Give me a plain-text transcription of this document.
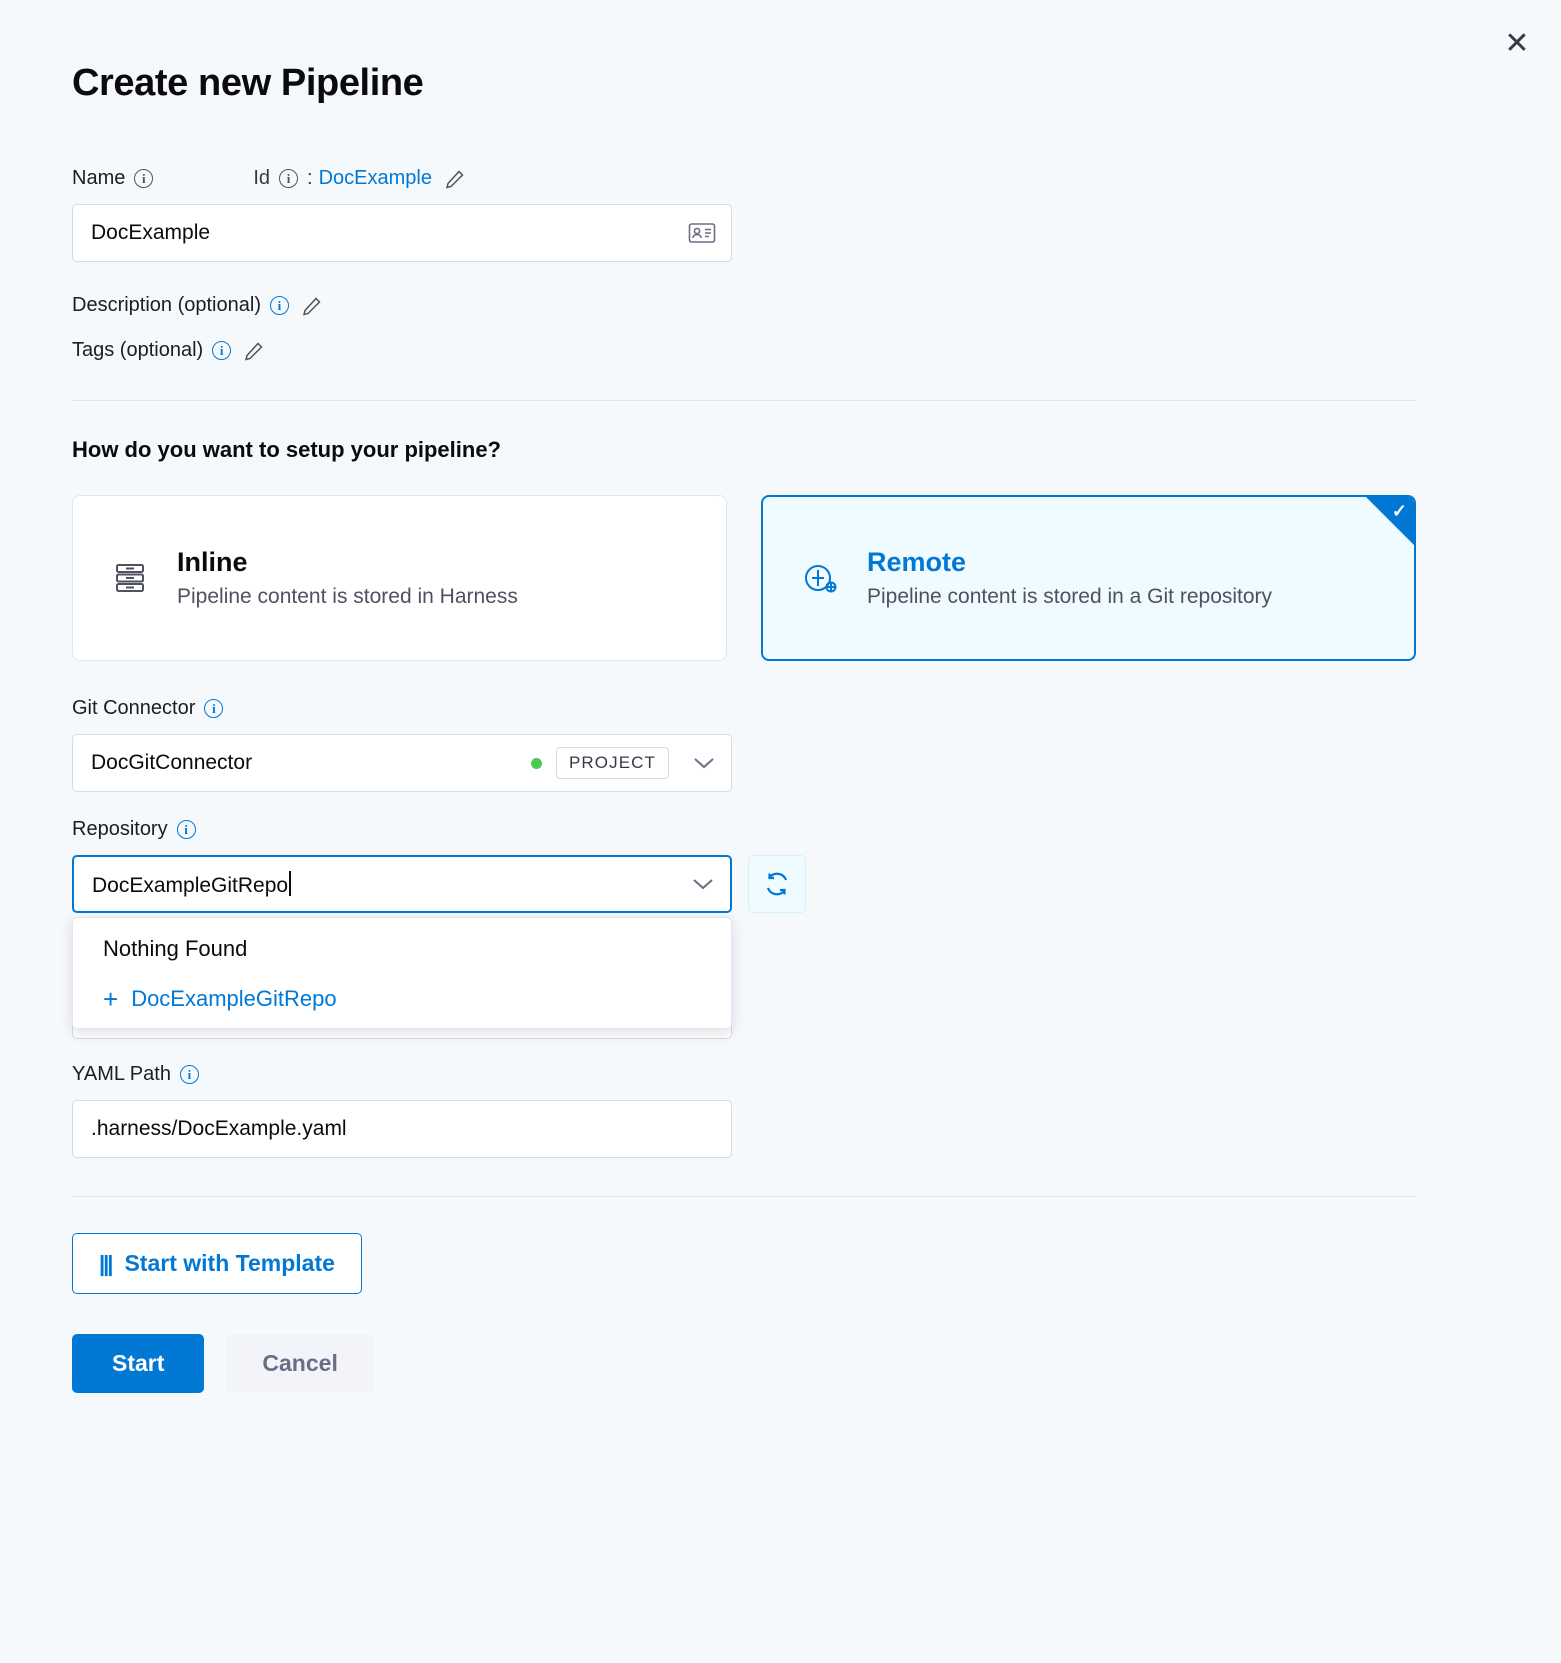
✕
Create new Pipeline
Name	i	Id	i : DocExample
DocExample
Description (optional)	i
Tags (optional)	i
How do you want to setup your pipeline?
Inline
Pipeline content is stored in Harness
Remote
Pipeline content is stored in a Git repository
✓
Git Connector	i
DocGitConnector	PROJECT
Repository	i
DocExampleGitRepo
Nothing Found
+ DocExampleGitRepo
YAML Path	i
.harness/DocExample.yaml
||| Start with Template
Start	Cancel
